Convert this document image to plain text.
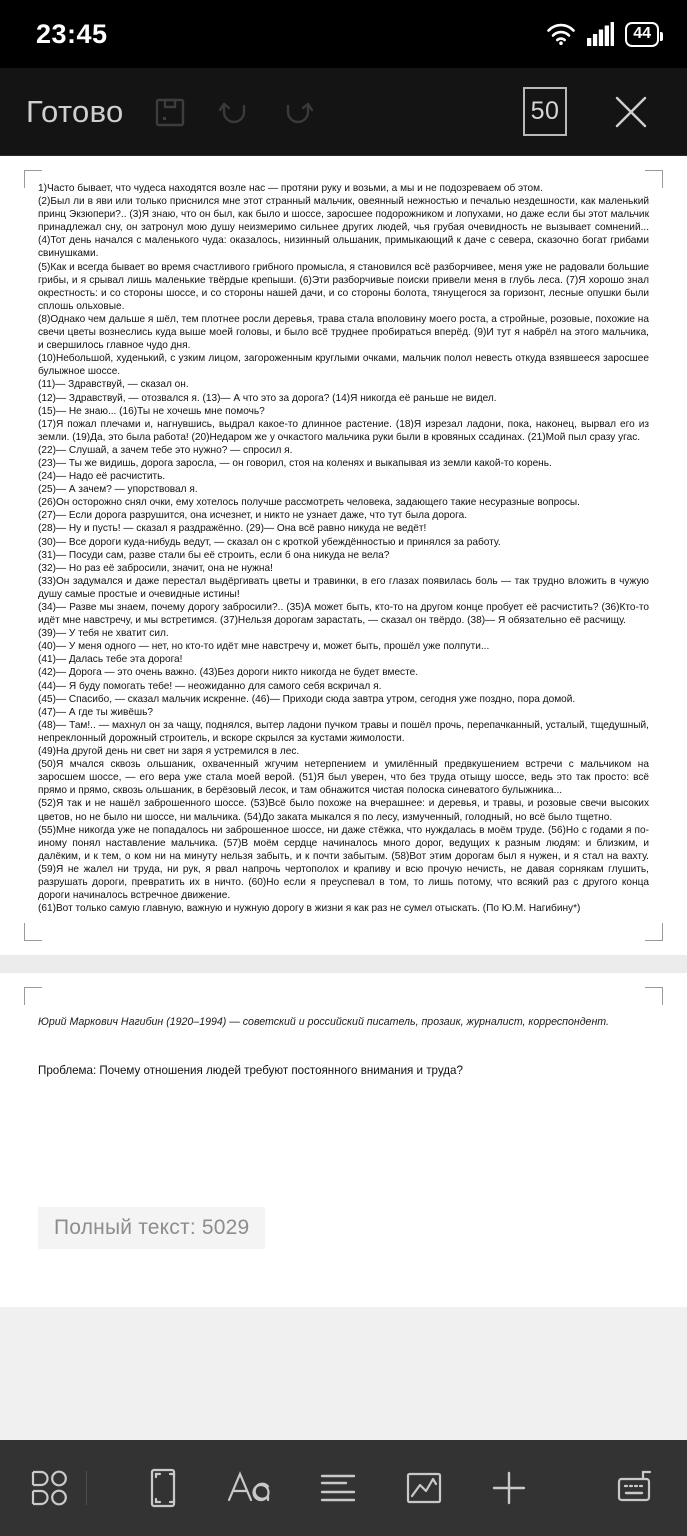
23:45	44
Готово	50

1)Часто бывает, что чудеса находятся возле нас — протяни руку и возьми, а мы и не подозреваем об этом.

(2)Был ли в яви или только приснился мне этот странный мальчик, овеянный нежностью и печалью нездешности, как маленький принц Экзюпери?.. (3)Я знаю, что он был, как было и шоссе, заросшее подорожником и лопухами, но даже если бы этот мальчик принадлежал сну, он затронул мою душу неизмеримо сильнее других людей, чья грубая очевидность не вызывает сомнений...(4)Тот день начался с маленького чуда: оказалось, низинный ольшаник, примыкающий к даче с севера, сказочно богат грибами свинушками.

(5)Как и всегда бывает во время счастливого грибного промысла, я становился всё разборчивее, меня уже не радовали большие грибы, и я срывал лишь маленькие твёрдые крепыши. (6)Эти разборчивые поиски привели меня в глубь леса. (7)Я хорошо знал окрестность: и со стороны шоссе, и со стороны нашей дачи, и со стороны болота, тянущегося за горизонт, лесные опушки были сплошь ольховые.

(8)Однако чем дальше я шёл, тем плотнее росли деревья, трава стала вполовину моего роста, а стройные, розовые, похожие на свечи цветы вознеслись куда выше моей головы, и было всё труднее пробираться вперёд. (9)И тут я набрёл на этого мальчика, и свершилось главное чудо дня.

(10)Небольшой, худенький, с узким лицом, загороженным круглыми очками, мальчик полол невесть откуда взявшееся заросшее булыжное шоссе.

(11)— Здравствуй, — сказал он.

(12)— Здравствуй, — отозвался я. (13)— А что это за дорога? (14)Я никогда её раньше не видел.

(15)— Не знаю... (16)Ты не хочешь мне помочь?

(17)Я пожал плечами и, нагнувшись, выдрал какое-то длинное растение. (18)Я изрезал ладони, пока, наконец, вырвал его из земли. (19)Да, это была работа! (20)Недаром же у очкастого мальчика руки были в кровяных ссадинах. (21)Мой пыл сразу угас.

(22)— Слушай, а зачем тебе это нужно? — спросил я.

(23)— Ты же видишь, дорога заросла, — он говорил, стоя на коленях и выкапывая из земли какой-то корень.

(24)— Надо её расчистить.

(25)— А зачем? — упорствовал я.

(26)Он осторожно снял очки, ему хотелось получше рассмотреть человека, задающего такие несуразные вопросы.

(27)— Если дорога разрушится, она исчезнет, и никто не узнает даже, что тут была дорога.

(28)— Ну и пусть! — сказал я раздражённо. (29)— Она всё равно никуда не ведёт!

(30)— Все дороги куда-нибудь ведут, — сказал он с кроткой убеждённостью и принялся за работу.

(31)— Посуди сам, разве стали бы её строить, если б она никуда не вела?

(32)— Но раз её забросили, значит, она не нужна!

(33)Он задумался и даже перестал выдёргивать цветы и травинки, в его глазах появилась боль — так трудно вложить в чужую душу самые простые и очевидные истины!

(34)— Разве мы знаем, почему дорогу забросили?.. (35)А может быть, кто-то на другом конце пробует её расчистить? (36)Кто-то идёт мне навстречу, и мы встретимся. (37)Нельзя дорогам зарастать, — сказал он твёрдо. (38)— Я обязательно её расчищу.

(39)— У тебя не хватит сил.

(40)— У меня одного — нет, но кто-то идёт мне навстречу и, может быть, прошёл уже полпути...

(41)— Далась тебе эта дорога!

(42)— Дорога — это очень важно. (43)Без дороги никто никогда не будет вместе.

(44)— Я буду помогать тебе! — неожиданно для самого себя вскричал я.

(45)— Спасибо, — сказал мальчик искренне. (46)— Приходи сюда завтра утром, сегодня уже поздно, пора домой.

(47)— А где ты живёшь?

(48)— Там!.. — махнул он за чащу, поднялся, вытер ладони пучком травы и пошёл прочь, перепачканный, усталый, тщедушный, непреклонный дорожный строитель, и вскоре скрылся за кустами жимолости.

(49)На другой день ни свет ни заря я устремился в лес.

(50)Я мчался сквозь ольшаник, охваченный жгучим нетерпением и умилённый предвкушением встречи с мальчиком на заросшем шоссе, — его вера уже стала моей верой. (51)Я был уверен, что без труда отыщу шоссе, ведь это так просто: всё прямо и прямо, сквозь ольшаник, в берёзовый лесок, и там обнажится чистая полоска синеватого булыжника...

(52)Я так и не нашёл заброшенного шоссе. (53)Всё было похоже на вчерашнее: и деревья, и травы, и розовые свечи высоких цветов, но не было ни шоссе, ни мальчика. (54)До заката мыкался я по лесу, измученный, голодный, но всё было тщетно.

(55)Мне никогда уже не попадалось ни заброшенное шоссе, ни даже стёжка, что нуждалась в моём труде. (56)Но с годами я по-иному понял наставление мальчика. (57)В моём сердце начиналось много дорог, ведущих к разным людям: и близким, и далёким, и к тем, о ком ни на минуту нельзя забыть, и к почти забытым. (58)Вот этим дорогам был я нужен, и я стал на вахту. (59)Я не жалел ни труда, ни рук, я рвал напрочь чертополох и крапиву и всю прочую нечисть, не давая сорнякам глушить, разрушать дороги, превратить их в ничто. (60)Но если я преуспевал в том, то лишь потому, что всякий раз с другого конца дороги начиналось встречное движение.

(61)Вот только самую главную, важную и нужную дорогу в жизни я как раз не сумел отыскать. (По Ю.М. Нагибину*)

Юрий Маркович Нагибин (1920–1994) — советский и российский писатель, прозаик, журналист, корреспондент.
Проблема: Почему отношения людей требуют постоянного внимания и труда?
Полный текст: 5029
